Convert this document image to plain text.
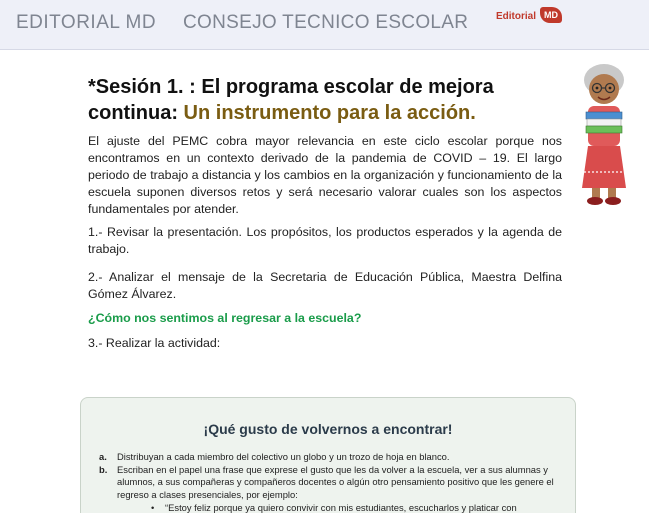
EDITORIAL MD CONSEJO TECNICO ESCOLAR	Editorial MD
*Sesión 1. : El programa escolar de mejora continua: Un instrumento para la acción.

El ajuste del PEMC cobra mayor relevancia en este ciclo escolar porque nos encontramos en un contexto derivado de la pandemia de COVID – 19. El largo periodo de trabajo a distancia y los cambios en la organización y funcionamiento de la escuela suponen diversos retos y será necesario valorar cuales son los aspectos fundamentales por atender.

1.- Revisar la presentación. Los propósitos, los productos esperados y la agenda de trabajo.

2.- Analizar el mensaje de la Secretaria de Educación Pública, Maestra Delfina Gómez Álvarez.

¿Cómo nos sentimos al regresar a la escuela?

3.- Realizar la actividad:

¡Qué gusto de volvernos a encontrar!
a. Distribuyan a cada miembro del colectivo un globo y un trozo de hoja en blanco.
b. Escriban en el papel una frase que exprese el gusto que les da volver a la escuela, ver a sus alumnas y alumnos, a sus compañeras y compañeros docentes o algún otro pensamiento positivo que les genere el regreso a clases presenciales, por ejemplo:
• “Estoy feliz porque ya quiero convivir con mis estudiantes, escucharlos y platicar con
